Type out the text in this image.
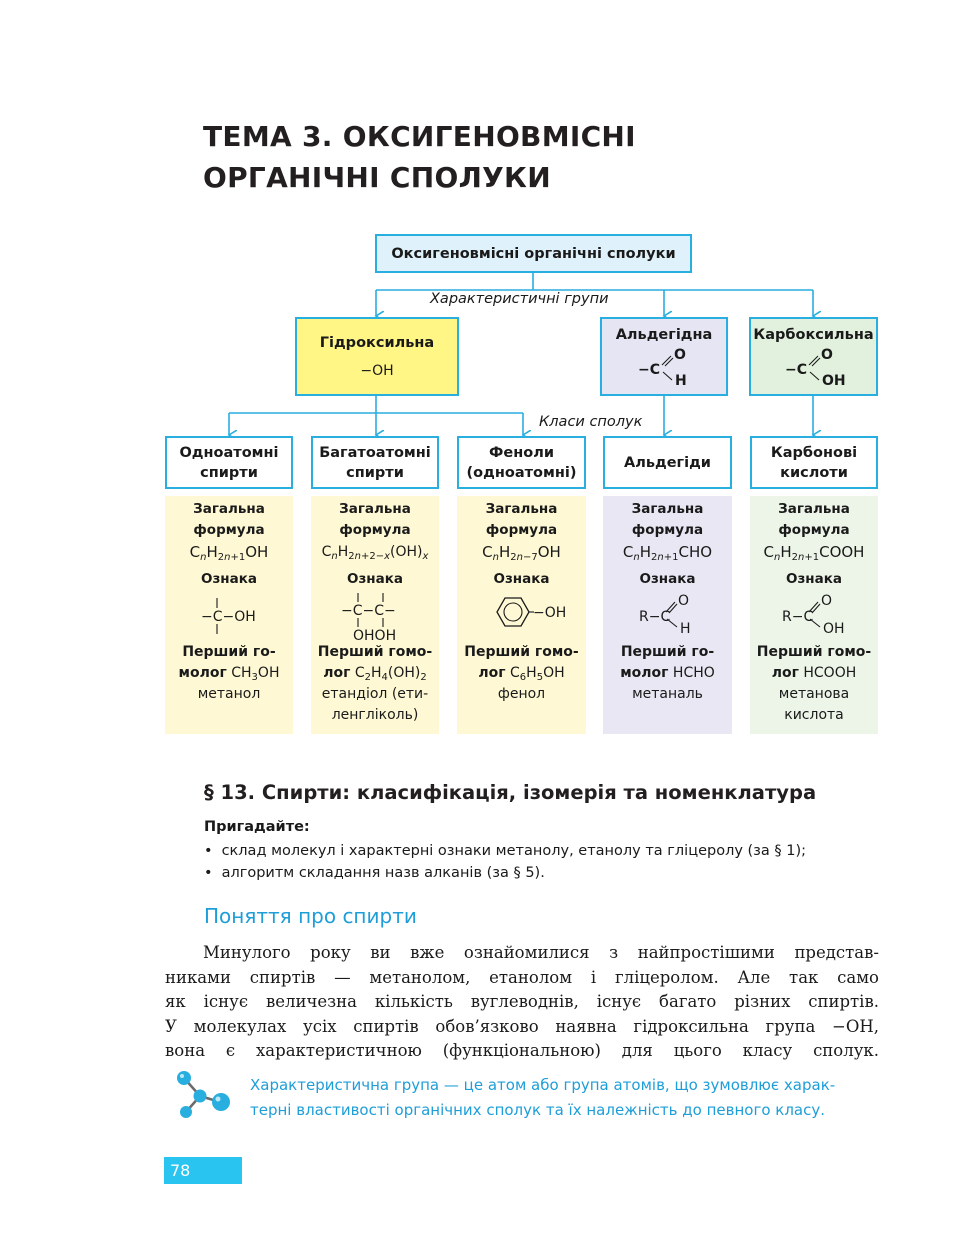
ТЕМА 3. ОКСИГЕНОВМІСНІ
ОРГАНІЧНІ СПОЛУКИ
Характеристичні групи
Класи сполук
Оксигеновмісні органічні сполуки
Гідроксильна
−OH
Альдегідна
−C
O
H
Карбоксильна
−C
O
OH
Одноатомні
спирти
Багатоатомні
спирти
Феноли
(одноатомні)
Альдегіди
Карбонові
кислоти
Загальна
формула
$C_nH_{2n+1}OH$
Ознака
−C−OH
Перший го-
молог $CH_3OH$
метанол
Загальна
формула
$C_nH_{2n+2-x}(OH)_x$
Ознака
−C−C−
OHOH
Перший гомо-
лог $C_2H_4(OH)_2$
етандіол (ети-
ленгліколь)
Загальна
формула
$C_nH_{2n-7}OH$
Ознака
−OH
Перший гомо-
лог $C_6H_5OH$
фенол
Загальна
формула
$C_nH_{2n+1}CHO$
Ознака
R−C
O
H
Перший го-
молог HCHO
метаналь
Загальна
формула
$C_nH_{2n+1}COOH$
Ознака
R−C
O
OH
Перший гомо-
лог HCOOH
метанова
кислота
§ 13. Спирти: класифікація, ізомерія та номенклатура
Пригадайте:
• склад молекул і характерні ознаки метанолу, етанолу та гліцеролу (за § 1);
• алгоритм складання назв алканів (за § 5).
Поняття про спирти
Минулого року ви вже ознайомилися з найпростішими представ-
никами спиртів — метанолом, етанолом і гліцеролом. Але так само
як існує величезна кількість вуглеводнів, існує багато різних спиртів.
У молекулах усіх спиртів обов’язково наявна гідроксильна група −OH,
вона є характеристичною (функціональною) для цього класу сполук.
Характеристична група — це атом або група атомів, що зумовлює харак-
терні властивості органічних сполук та їх належність до певного класу.
78
